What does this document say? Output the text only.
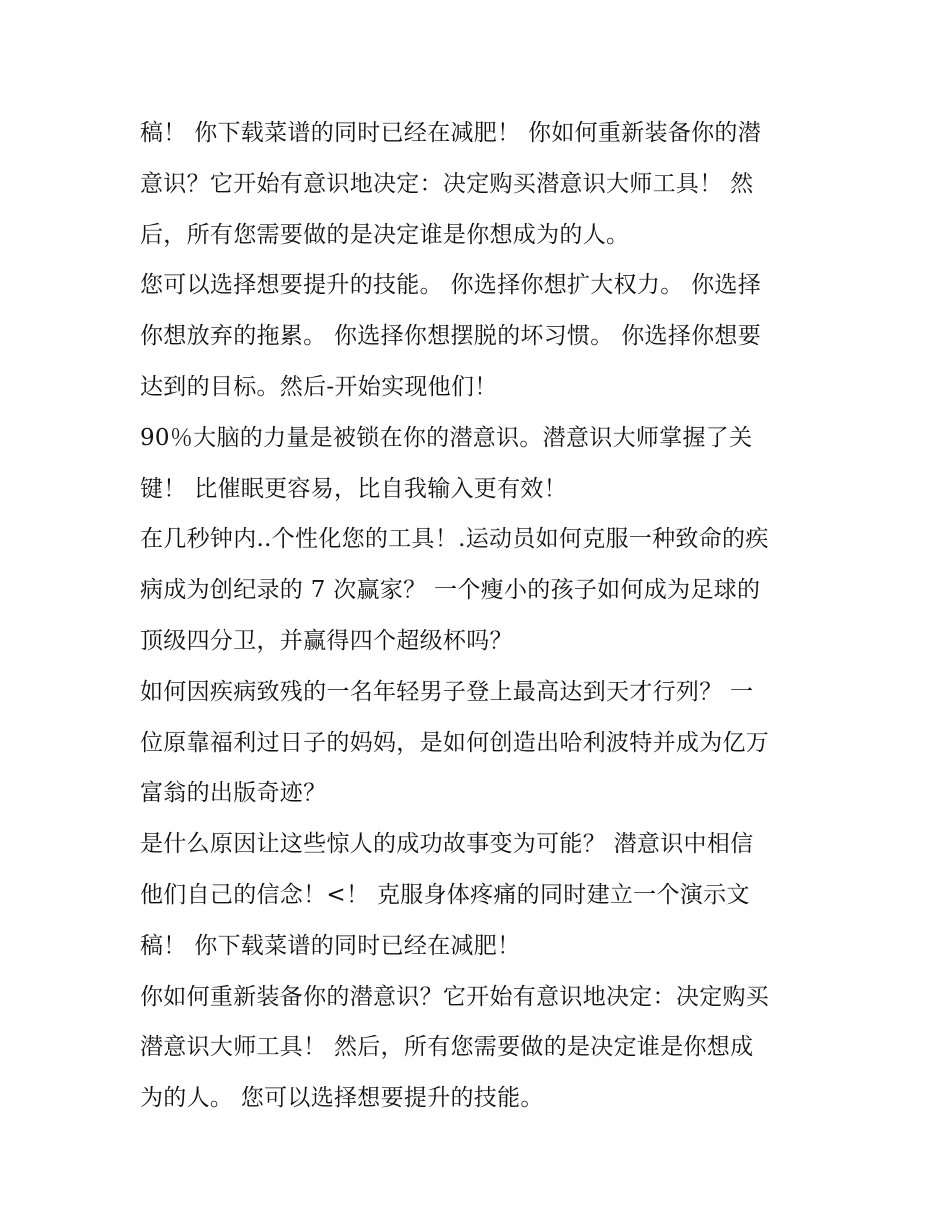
稿！ 你下载菜谱的同时已经在减肥！ 你如何重新装备你的潜
意识？它开始有意识地决定：决定购买潜意识大师工具！ 然
后，所有您需要做的是决定谁是你想成为的人。
您可以选择想要提升的技能。 你选择你想扩大权力。 你选择
你想放弃的拖累。 你选择你想摆脱的坏习惯。 你选择你想要
达到的目标。然后-开始实现他们！
90％大脑的力量是被锁在你的潜意识。潜意识大师掌握了关
键！ 比催眠更容易，比自我输入更有效！
在几秒钟内..个性化您的工具！.运动员如何克服一种致命的疾
病成为创纪录的 7 次赢家？ 一个瘦小的孩子如何成为足球的
顶级四分卫，并赢得四个超级杯吗？
如何因疾病致残的一名年轻男子登上最高达到天才行列？ 一
位原靠福利过日子的妈妈，是如何创造出哈利波特并成为亿万
富翁的出版奇迹？
是什么原因让这些惊人的成功故事变为可能？ 潜意识中相信
他们自己的信念！<！ 克服身体疼痛的同时建立一个演示文
稿！ 你下载菜谱的同时已经在减肥！
你如何重新装备你的潜意识？它开始有意识地决定：决定购买
潜意识大师工具！ 然后，所有您需要做的是决定谁是你想成
为的人。 您可以选择想要提升的技能。
